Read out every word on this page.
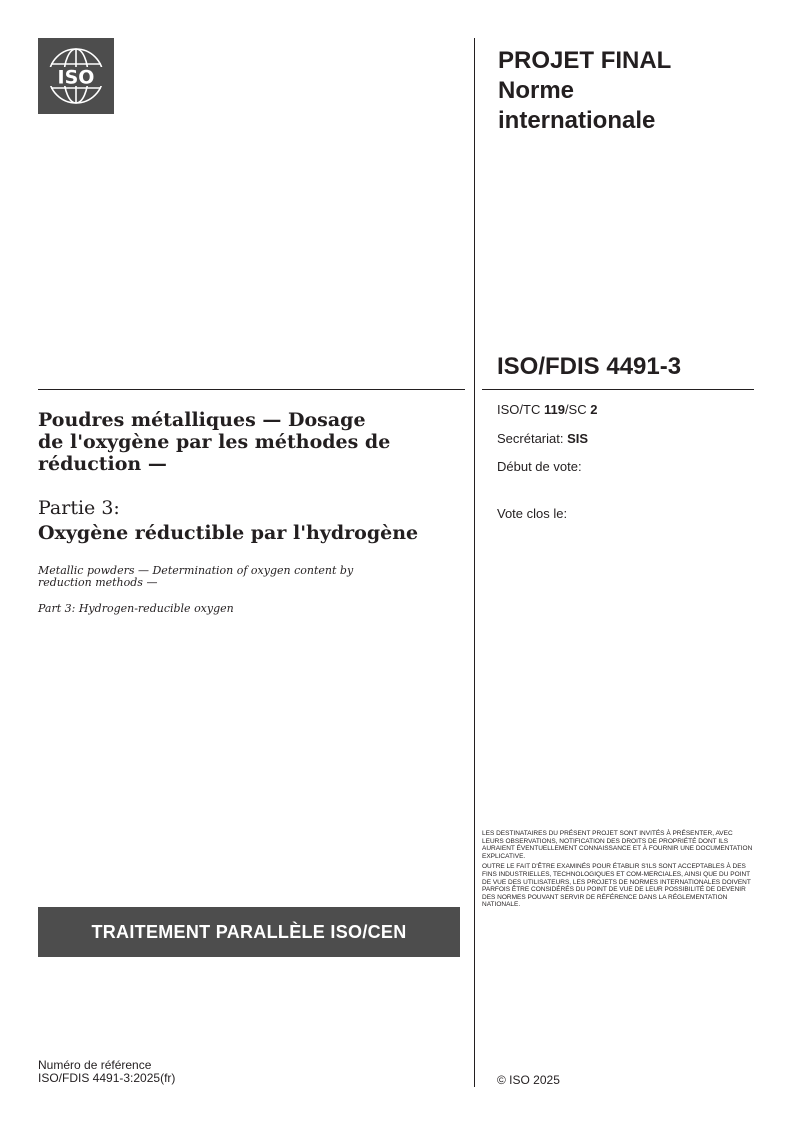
ISO
PROJET FINAL
Norme
internationale
ISO/FDIS 4491-3
ISO/TC 119/SC 2
Secrétariat: SIS
Début de vote:
Vote clos le:
Poudres métalliques — Dosage
de l'oxygène par les méthodes de
réduction —
Partie 3:
Oxygène réductible par l'hydrogène
Metallic powders — Determination of oxygen content by
reduction methods —
Part 3: Hydrogen-reducible oxygen
TRAITEMENT PARALLÈLE ISO/CEN

LES DESTINATAIRES DU PRÉSENT PROJET SONT INVITÉS À PRÉSENTER, AVEC LEURS OBSERVATIONS, NOTIFICATION DES DROITS DE PROPRIÉTÉ DONT ILS AURAIENT ÉVENTUELLEMENT CONNAISSANCE ET À FOURNIR UNE DOCUMENTATION EXPLICATIVE.

OUTRE LE FAIT D'ÊTRE EXAMINÉS POUR ÉTABLIR S'ILS SONT ACCEPTABLES À DES FINS INDUSTRIELLES, TECHNOLOGIQUES ET COM-MERCIALES, AINSI QUE DU POINT DE VUE DES UTILISATEURS, LES PROJETS DE NORMES INTERNATIONALES DOIVENT PARFOIS ÊTRE CONSIDÉRÉS DU POINT DE VUE DE LEUR POSSIBILITÉ DE DEVENIR DES NORMES POUVANT SERVIR DE RÉFÉRENCE DANS LA RÉGLEMENTATION NATIONALE.

Numéro de référence
ISO/FDIS 4491-3:2025(fr)	© ISO 2025
